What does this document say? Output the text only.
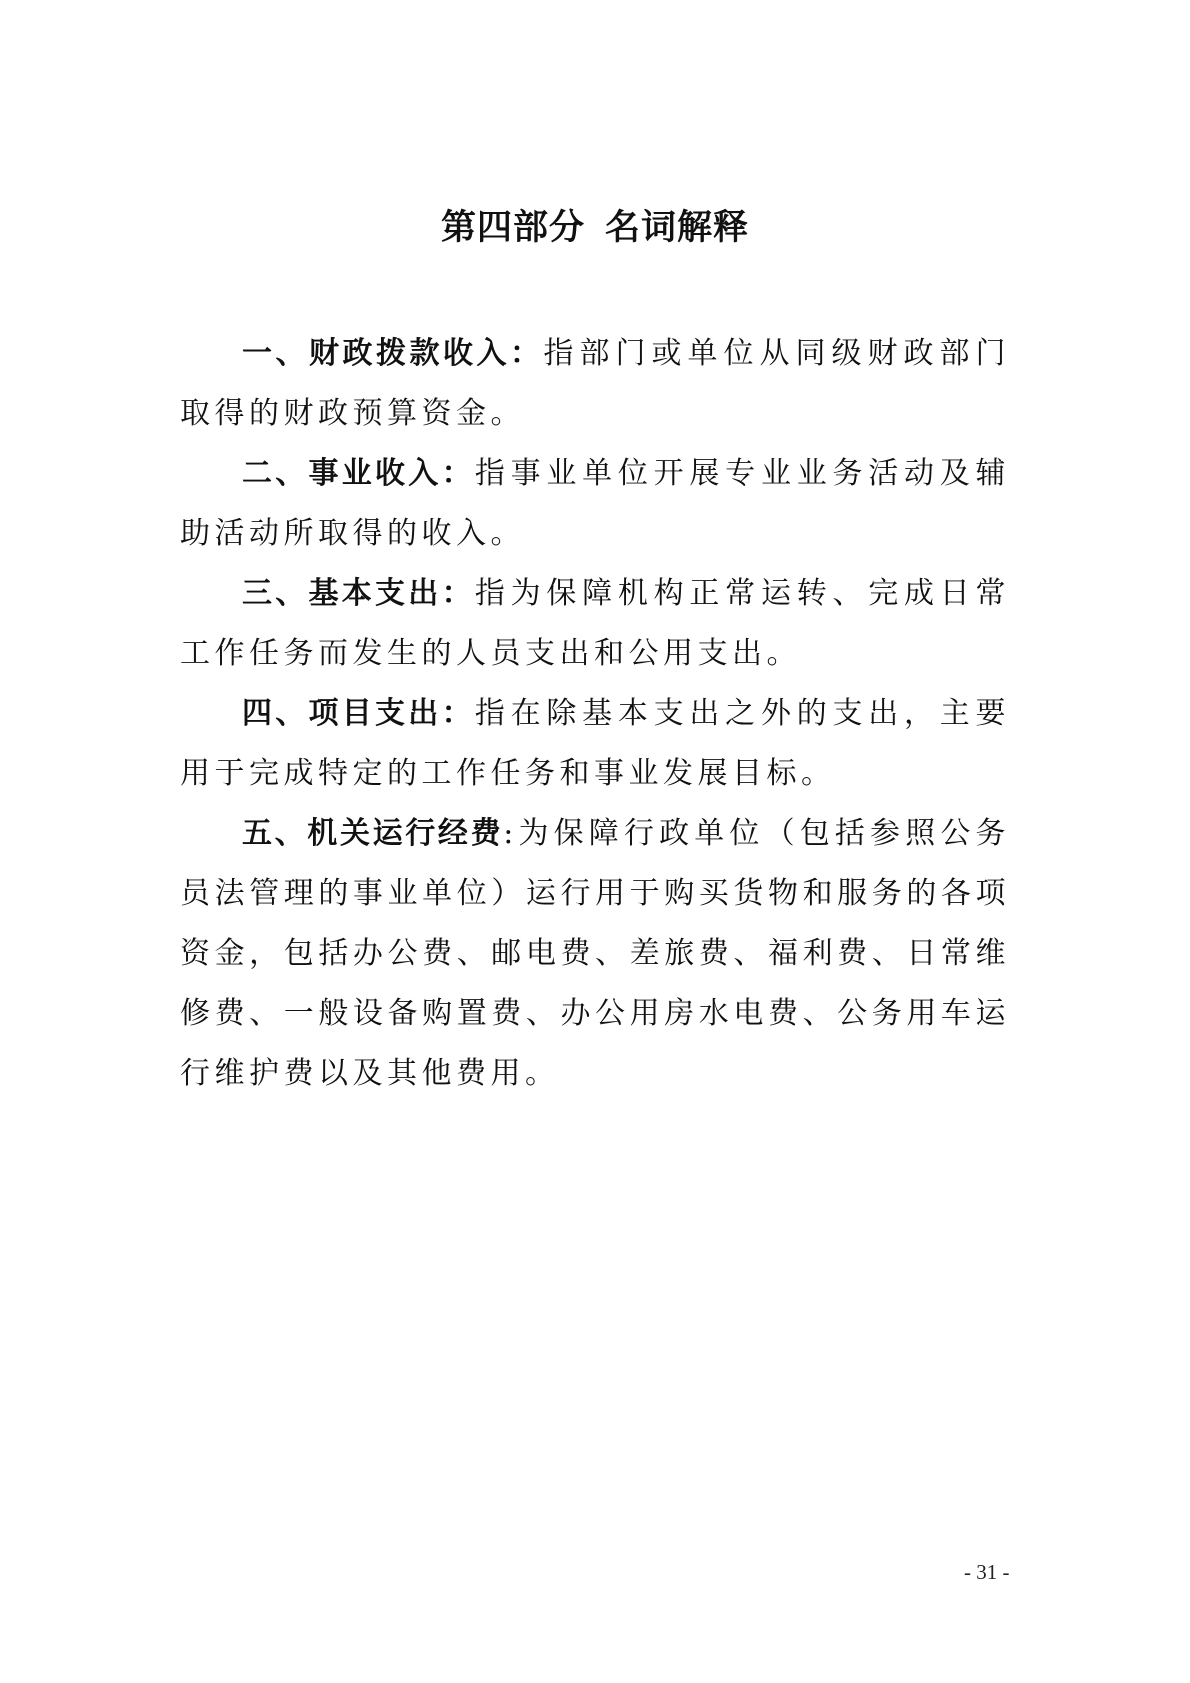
第四部分 名词解释

一、财政拨款收入：指部门或单位从同级财政部门取得的财政预算资金。

二、事业收入：指事业单位开展专业业务活动及辅助活动所取得的收入。

三、基本支出：指为保障机构正常运转、完成日常工作任务而发生的人员支出和公用支出。

四、项目支出：指在除基本支出之外的支出，主要用于完成特定的工作任务和事业发展目标。

五、机关运行经费:为保障行政单位（包括参照公务员法管理的事业单位）运行用于购买货物和服务的各项资金，包括办公费、邮电费、差旅费、福利费、日常维修费、一般设备购置费、办公用房水电费、公务用车运行维护费以及其他费用。

- 31 -
